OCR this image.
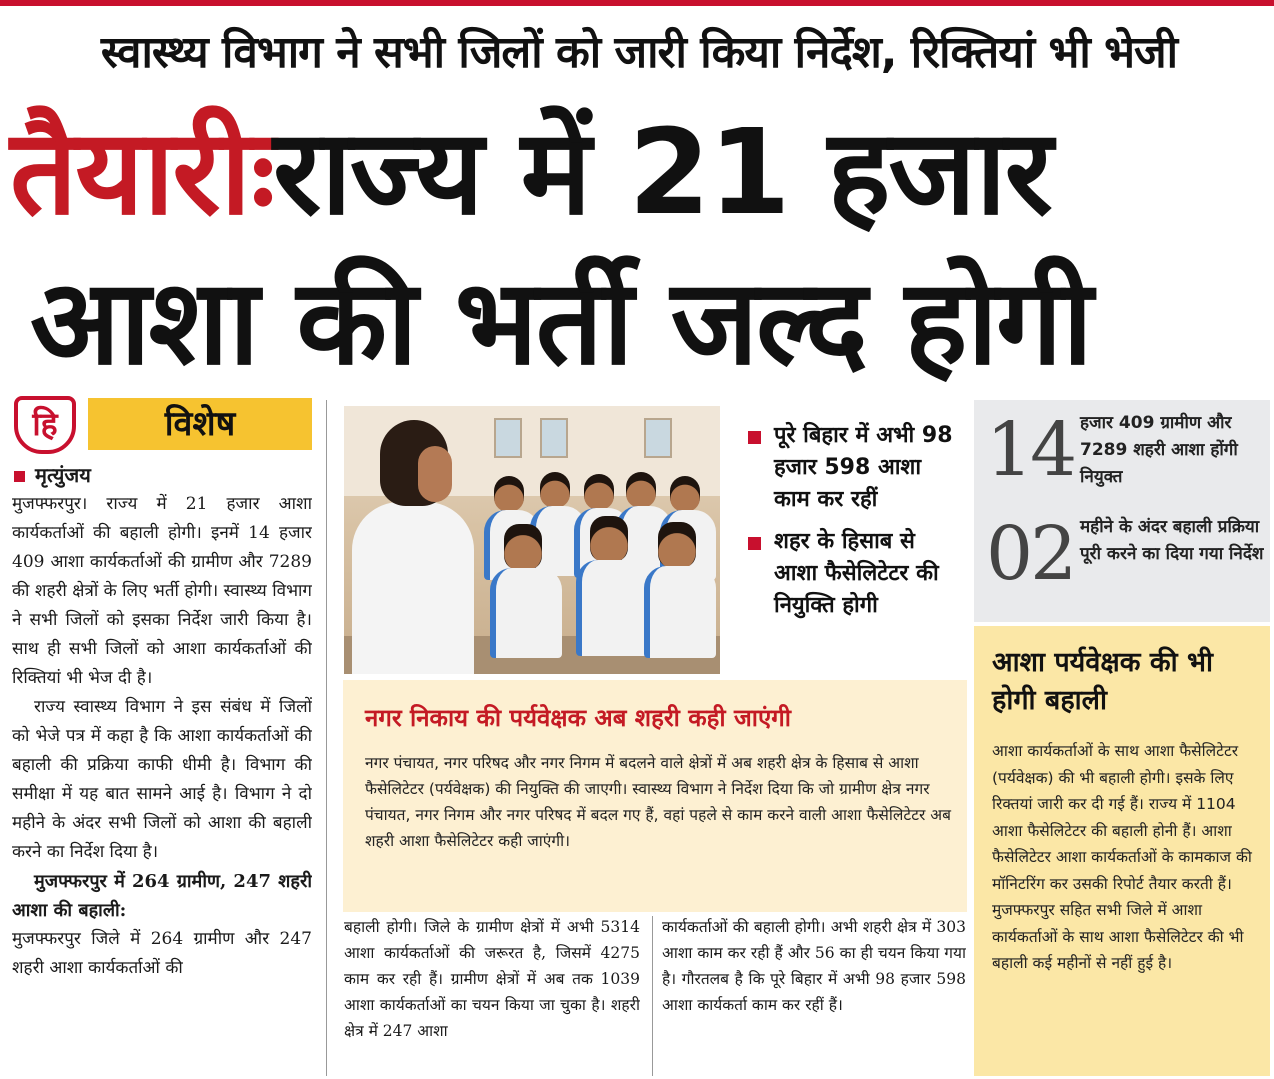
स्वास्थ्य विभाग ने सभी जिलों को जारी किया निर्देश, रिक्तियां भी भेजी
तैयारीःराज्य में 21 हजार
आशा की भर्ती जल्द होगी
हि	विशेष
मृत्युंजय

मुजफ्फरपुर। राज्य में 21 हजार आशा कार्यकर्ताओं की बहाली होगी। इनमें 14 हजार 409 आशा कार्यकर्ताओं की ग्रामीण और 7289 की शहरी क्षेत्रों के लिए भर्ती होगी। स्वास्थ्य विभाग ने सभी जिलों को इसका निर्देश जारी किया है। साथ ही सभी जिलों को आशा कार्यकर्ताओं की रिक्तियां भी भेज दी है।

राज्य स्वास्थ्य विभाग ने इस संबंध में जिलों को भेजे पत्र में कहा है कि आशा कार्यकर्ताओं की बहाली की प्रक्रिया काफी धीमी है। विभाग की समीक्षा में यह बात सामने आई है। विभाग ने दो महीने के अंदर सभी जिलों को आशा की बहाली करने का निर्देश दिया है।

मुजफ्फरपुर में 264 ग्रामीण, 247 शहरी आशा की बहाली:

मुजफ्फरपुर जिले में 264 ग्रामीण और 247 शहरी आशा कार्यकर्ताओं की

पूरे बिहार में अभी 98 हजार 598 आशा काम कर रहीं
शहर के हिसाब से आशा फैसेलिटेटर की नियुक्ति होगी
नगर निकाय की पर्यवेक्षक अब शहरी कही जाएंगी
नगर पंचायत, नगर परिषद और नगर निगम में बदलने वाले क्षेत्रों में अब शहरी क्षेत्र के हिसाब से आशा फैसेलिटेटर (पर्यवेक्षक) की नियुक्ति की जाएगी। स्वास्थ्य विभाग ने निर्देश दिया कि जो ग्रामीण क्षेत्र नगर पंचायत, नगर निगम और नगर परिषद में बदल गए हैं, वहां पहले से काम करने वाली आशा फैसेलिटेटर अब शहरी आशा फैसेलिटेटर कही जाएंगी।
बहाली होगी। जिले के ग्रामीण क्षेत्रों में अभी 5314 आशा कार्यकर्ताओं की जरूरत है, जिसमें 4275 काम कर रही हैं। ग्रामीण क्षेत्रों में अब तक 1039 आशा कार्यकर्ताओं का चयन किया जा चुका है। शहरी क्षेत्र में 247 आशा
कार्यकर्ताओं की बहाली होगी। अभी शहरी क्षेत्र में 303 आशा काम कर रही हैं और 56 का ही चयन किया गया है। गौरतलब है कि पूरे बिहार में अभी 98 हजार 598 आशा कार्यकर्ता काम कर रहीं हैं।
14 हजार 409 ग्रामीण और 7289 शहरी आशा होंगी नियुक्त
02 महीने के अंदर बहाली प्रक्रिया पूरी करने का दिया गया निर्देश
आशा पर्यवेक्षक की भी होगी बहाली
आशा कार्यकर्ताओं के साथ आशा फैसेलिटेटर (पर्यवेक्षक) की भी बहाली होगी। इसके लिए रिक्तयां जारी कर दी गई हैं। राज्य में 1104 आशा फैसेलिटेटर की बहाली होनी हैं। आशा फैसेलिटेटर आशा कार्यकर्ताओं के कामकाज की मॉनिटरिंग कर उसकी रिपोर्ट तैयार करती हैं। मुजफ्फरपुर सहित सभी जिले में आशा कार्यकर्ताओं के साथ आशा फैसेलिटेटर की भी बहाली कई महीनों से नहीं हुई है।
